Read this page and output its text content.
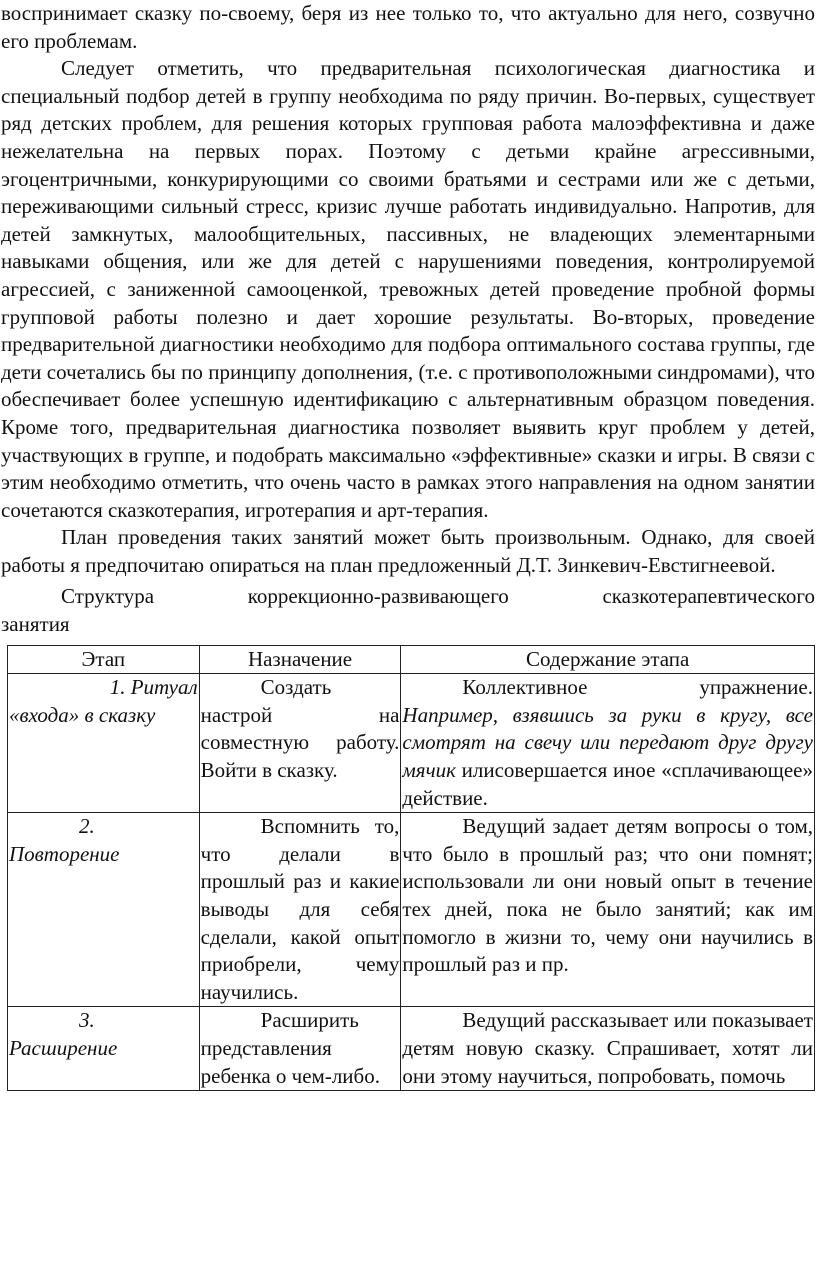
воспринимает сказку по-своему, беря из нее только то, что актуально для него, созвучно его проблемам.

Следует отметить, что предварительная психологическая диагностика и специальный подбор детей в группу необходима по ряду причин. Во-первых, существует ряд детских проблем, для решения которых групповая работа малоэффективна и даже нежелательна на первых порах. Поэтому с детьми крайне агрессивными, эгоцентричными, конкурирующими со своими братьями и сестрами или же с детьми, переживающими сильный стресс, кризис лучше работать индивидуально. Напротив, для детей замкнутых, малообщительных, пассивных, не владеющих элементарными навыками общения, или же для детей с нарушениями поведения, контролируемой агрессией, с заниженной самооценкой, тревожных детей проведение пробной формы групповой работы полезно и дает хорошие результаты. Во-вторых, проведение предварительной диагностики необходимо для подбора оптимального состава группы, где дети сочетались бы по принципу дополнения, (т.е. с противоположными синдромами), что обеспечивает более успешную идентификацию с альтернативным образцом поведения. Кроме того, предварительная диагностика позволяет выявить круг проблем у детей, участвующих в группе, и подобрать максимально «эффективные» сказки и игры. В связи с этим необходимо отметить, что очень часто в рамках этого направления на одном занятии сочетаются сказкотерапия, игротерапия и арт-терапия.

План проведения таких занятий может быть произвольным. Однако, для своей работы я предпочитаю опираться на план предложенный Д.Т. Зинкевич-Евстигнеевой.

Структура коррекционно-развивающего сказкотерапевтического

занятия

Этап	Назначение	Содержание этапа

1. Ритуал
«входа» в сказку	Создать настрой на совместную работу. Войти в сказку.	Коллективное упражнение.
Например, взявшись за руки в кругу, все смотрят на свечу или передают друг другу мячик илисовершается иное «сплачивающее» действие.

2.
Повторение	Вспомнить то, что делали в прошлый раз и какие выводы для себя сделали, какой опыт приобрели, чему научились.	Ведущий задает детям вопросы о том, что было в прошлый раз; что они помнят; использовали ли они новый опыт в течение тех дней, пока не было занятий; как им помогло в жизни то, чему они научились в прошлый раз и пр.

3.
Расширение	Расширить представления ребенка о чем-либо.	Ведущий рассказывает или показывает детям новую сказку. Спрашивает, хотят ли они этому научиться, попробовать, помочь
